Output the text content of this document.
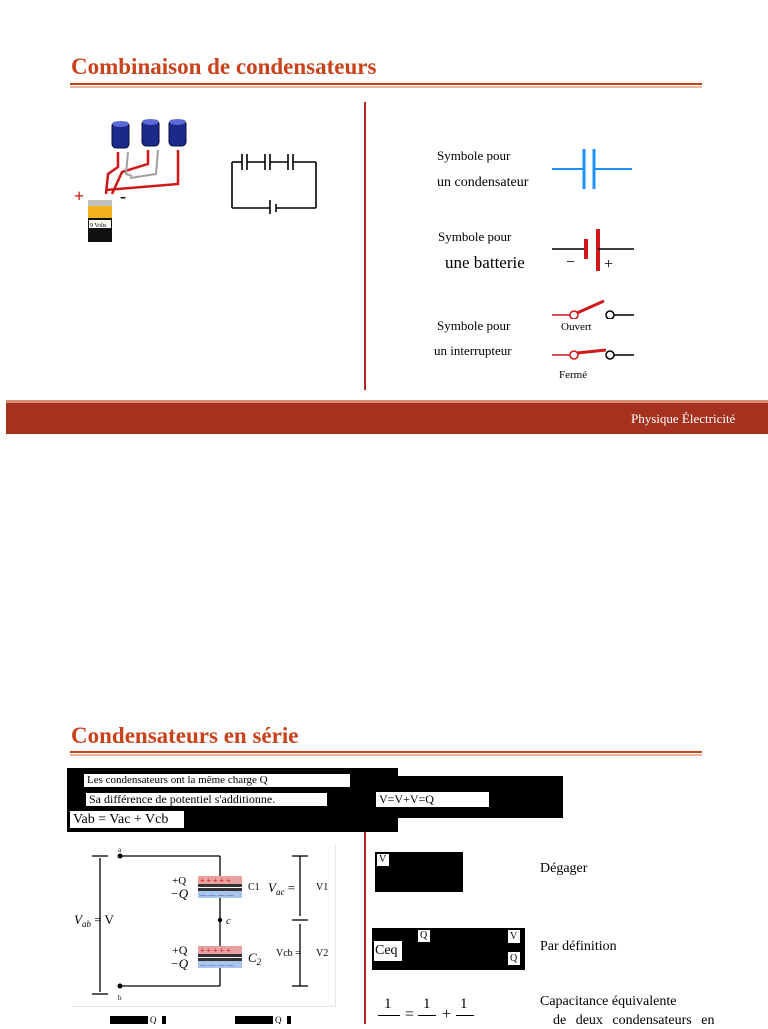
Combinaison de condensateurs
+ -
9 Volts
Symbole pour
un condensateur
Symbole pour
une batterie	− +
Symbole pour
un interrupteur
Ouvert
Fermé
Physique Électricité
Condensateurs en série
Les condensateurs ont la même charge Q
Sa différence de potentiel s'additionne.
Vab = Vac + Vcb
V=V+V=Q
+ + + + +
— — — —
+ + + + +
— — — —
a
b
c
$V_{ab} = V$
+Q
−Q	C1
+Q
−Q	$C_2$
$V_{ac} = V1$
Vcb = V2
V
Dégager
Ceq
Q	V
Q
Par définition
1 1 1
= +
Capacitance équivalente
de deux condensateurs en
Q	Q
